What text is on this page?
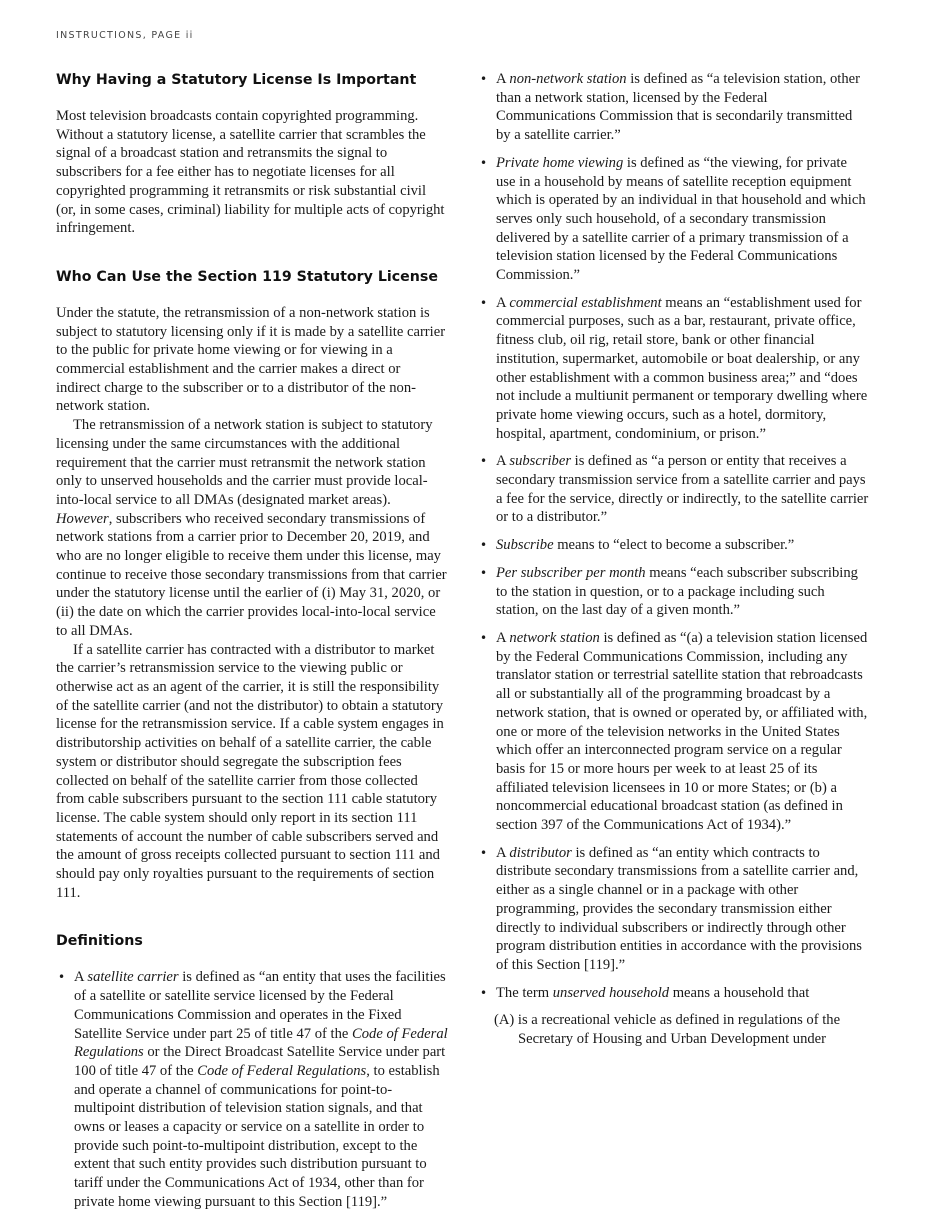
INSTRUCTIONS, PAGE ii
Why Having a Statutory License Is Important

Most television broadcasts contain copyrighted programming. Without a statutory license, a satellite carrier that scrambles the signal of a broadcast station and retransmits the signal to subscribers for a fee either has to negotiate licenses for all copyrighted programming it retransmits or risk substantial civil (or, in some cases, criminal) liability for multiple acts of copyright infringement.

Who Can Use the Section 119 Statutory License

Under the statute, the retransmission of a non-network station is subject to statutory licensing only if it is made by a satellite carrier to the public for private home viewing or for viewing in a commercial establishment and the carrier makes a direct or indirect charge to the subscriber or to a distributor of the non-network station.

The retransmission of a network station is subject to statutory licensing under the same circumstances with the additional requirement that the carrier must retransmit the network station only to unserved households and the carrier must provide local-into-local service to all DMAs (designated market areas). However, subscribers who received secondary transmissions of network stations from a carrier prior to December 20, 2019, and who are no longer eligible to receive them under this license, may continue to receive those secondary transmissions from that carrier under the statutory license until the earlier of (i) May 31, 2020, or (ii) the date on which the carrier provides local-into-local service to all DMAs.

If a satellite carrier has contracted with a distributor to market the carrier’s retransmission service to the viewing public or otherwise act as an agent of the carrier, it is still the responsibility of the satellite carrier (and not the distributor) to obtain a statutory license for the retransmission service. If a cable system engages in distributorship activities on behalf of a satellite carrier, the cable system or distributor should segregate the subscription fees collected on behalf of the satellite carrier from those collected from cable subscribers pursuant to the section 111 cable statutory license. The cable system should only report in its section 111 statements of account the number of cable subscribers served and the amount of gross receipts collected pursuant to section 111 and should pay only royalties pursuant to the requirements of section 111.

Definitions
• A satellite carrier is defined as “an entity that uses the facilities of a satellite or satellite service licensed by the Federal Communications Commission and operates in the Fixed Satellite Service under part 25 of title 47 of the Code of Federal Regulations or the Direct Broadcast Satellite Service under part 100 of title 47 of the Code of Federal Regulations, to establish and operate a channel of communications for point-to-multipoint distribution of television station signals, and that owns or leases a capacity or service on a satellite in order to provide such point-to-multipoint distribution, except to the extent that such entity provides such distribution pursuant to tariff under the Communications Act of 1934, other than for private home viewing pursuant to this Section [119].”
• A non-network station is defined as “a television station, other than a network station, licensed by the Federal Communications Commission that is secondarily transmitted by a satellite carrier.”
• Private home viewing is defined as “the viewing, for private use in a household by means of satellite reception equipment which is operated by an individual in that household and which serves only such household, of a secondary transmission delivered by a satellite carrier of a primary transmission of a television station licensed by the Federal Communications Commission.”
• A commercial establishment means an “establishment used for commercial purposes, such as a bar, restaurant, private office, fitness club, oil rig, retail store, bank or other financial institution, supermarket, automobile or boat dealership, or any other establishment with a common business area;” and “does not include a multiunit permanent or temporary dwelling where private home viewing occurs, such as a hotel, dormitory, hospital, apartment, condominium, or prison.”
• A subscriber is defined as “a person or entity that receives a secondary transmission service from a satellite carrier and pays a fee for the service, directly or indirectly, to the satellite carrier or to a distributor.”
• Subscribe means to “elect to become a subscriber.”
• Per subscriber per month means “each subscriber subscribing to the station in question, or to a package including such station, on the last day of a given month.”
• A network station is defined as “(a) a television station licensed by the Federal Communications Commission, including any translator station or terrestrial satellite station that rebroadcasts all or substantially all of the programming broadcast by a network station, that is owned or operated by, or affiliated with, one or more of the television networks in the United States which offer an interconnected program service on a regular basis for 15 or more hours per week to at least 25 of its affiliated television licensees in 10 or more States; or (b) a noncommercial educational broadcast station (as defined in section 397 of the Communications Act of 1934).”
• A distributor is defined as “an entity which contracts to distribute secondary transmissions from a satellite carrier and, either as a single channel or in a package with other programming, provides the secondary transmission either directly to individual subscribers or indirectly through other program distribution entities in accordance with the provisions of this Section [119].”
• The term unserved household means a household that

(A) is a recreational vehicle as defined in regulations of the Secretary of Housing and Urban Development under
